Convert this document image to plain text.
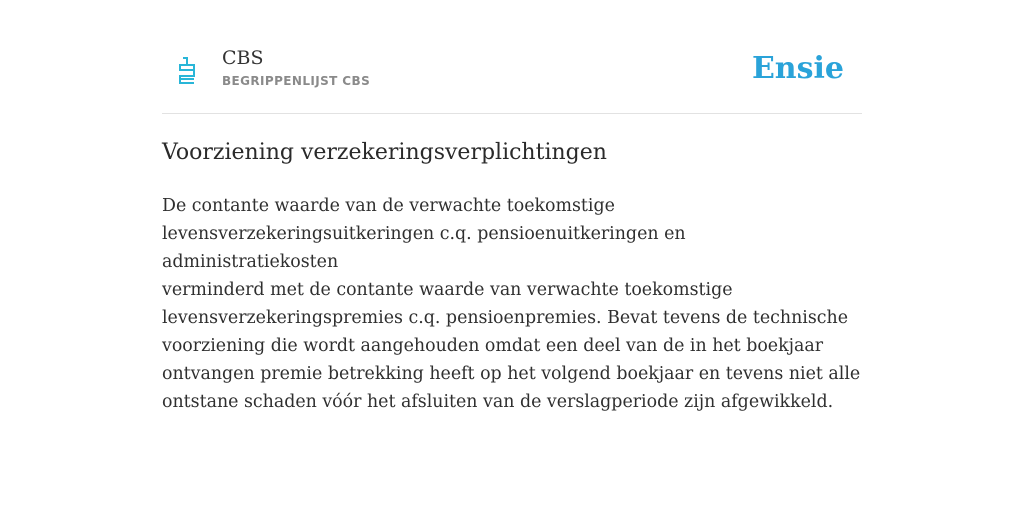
CBS
BEGRIPPENLIJST CBS	Ensie
Voorziening verzekeringsverplichtingen

De contante waarde van de verwachte toekomstige
levensverzekeringsuitkeringen c.q. pensioenuitkeringen en administratiekosten
verminderd met de contante waarde van verwachte toekomstige
levensverzekeringspremies c.q. pensioenpremies. Bevat tevens de technische
voorziening die wordt aangehouden omdat een deel van de in het boekjaar
ontvangen premie betrekking heeft op het volgend boekjaar en tevens niet alle
ontstane schaden vóór het afsluiten van de verslagperiode zijn afgewikkeld.
